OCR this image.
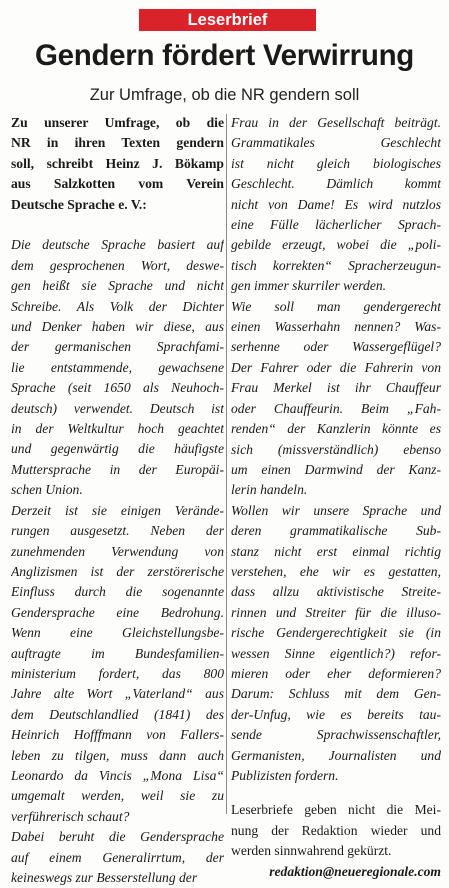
Leserbrief
Gendern fördert Verwirrung
Zur Umfrage, ob die NR gendern soll
Zu unserer Umfrage, ob die
NR in ihren Texten gendern
soll, schreibt Heinz J. Bökamp
aus Salzkotten vom Verein
Deutsche Sprache e. V.:
Die deutsche Sprache basiert auf
dem gesprochenen Wort, deswe-
gen heißt sie Sprache und nicht
Schreibe. Als Volk der Dichter
und Denker haben wir diese, aus
der germanischen Sprachfami-
lie entstammende, gewachsene
Sprache (seit 1650 als Neuhoch-
deutsch) verwendet. Deutsch ist
in der Weltkultur hoch geachtet
und gegenwärtig die häufigste
Muttersprache in der Europäi-
schen Union.
Derzeit ist sie einigen Verände-
rungen ausgesetzt. Neben der
zunehmenden Verwendung von
Anglizismen ist der zerstörerische
Einfluss durch die sogenannte
Gendersprache eine Bedrohung.
Wenn eine Gleichstellungsbe-
auftragte im Bundesfamilien-
ministerium fordert, das 800
Jahre alte Wort „Vaterland“ aus
dem Deutschlandlied (1841) des
Heinrich Hofffmann von Fallers-
leben zu tilgen, muss dann auch
Leonardo da Vincis „Mona Lisa“
umgemalt werden, weil sie zu
verführerisch schaut?
Dabei beruht die Gendersprache
auf einem Generalirrtum, der
keineswegs zur Besserstellung der
Frau in der Gesellschaft beiträgt.
Grammatikales Geschlecht
ist nicht gleich biologisches
Geschlecht. Dämlich kommt
nicht von Dame! Es wird nutzlos
eine Fülle lächerlicher Sprach-
gebilde erzeugt, wobei die „poli-
tisch korrekten“ Spracherzeugun-
gen immer skurriler werden.
Wie soll man gendergerecht
einen Wasserhahn nennen? Was-
serhenne oder Wassergeflügel?
Der Fahrer oder die Fahrerin von
Frau Merkel ist ihr Chauffeur
oder Chauffeurin. Beim „Fah-
renden“ der Kanzlerin könnte es
sich (missverständlich) ebenso
um einen Darmwind der Kanz-
lerin handeln.
Wollen wir unsere Sprache und
deren grammatikalische Sub-
stanz nicht erst einmal richtig
verstehen, ehe wir es gestatten,
dass allzu aktivistische Streite-
rinnen und Streiter für die illuso-
rische Gendergerechtigkeit sie (in
wessen Sinne eigentlich?) refor-
mieren oder eher deformieren?
Darum: Schluss mit dem Gen-
der-Unfug, wie es bereits tau-
sende Sprachwissenschaftler,
Germanisten, Journalisten und
Publizisten fordern.
Leserbriefe geben nicht die Mei-
nung der Redaktion wieder und
werden sinnwahrend gekürzt.
redaktion@neueregionale.com
